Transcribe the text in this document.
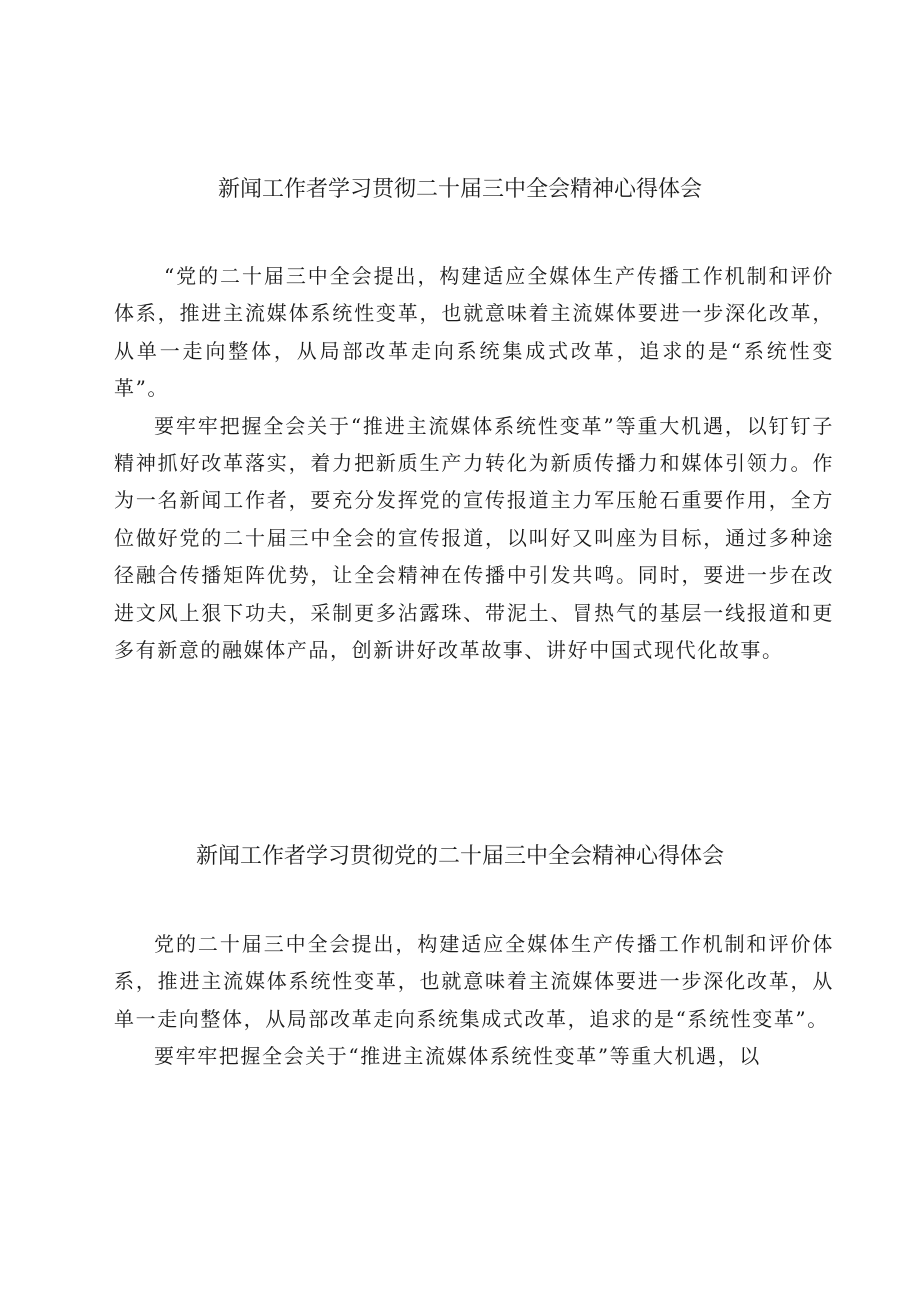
新闻工作者学习贯彻二十届三中全会精神心得体会

“党的二十届三中全会提出，构建适应全媒体生产传播工作机制和评价体系，推进主流媒体系统性变革，也就意味着主流媒体要进一步深化改革，从单一走向整体，从局部改革走向系统集成式改革，追求的是“系统性变革”。

要牢牢把握全会关于“推进主流媒体系统性变革”等重大机遇，以钉钉子精神抓好改革落实，着力把新质生产力转化为新质传播力和媒体引领力。作为一名新闻工作者，要充分发挥党的宣传报道主力军压舱石重要作用，全方位做好党的二十届三中全会的宣传报道，以叫好又叫座为目标，通过多种途径融合传播矩阵优势，让全会精神在传播中引发共鸣。同时，要进一步在改进文风上狠下功夫，采制更多沾露珠、带泥土、冒热气的基层一线报道和更多有新意的融媒体产品，创新讲好改革故事、讲好中国式现代化故事。

新闻工作者学习贯彻党的二十届三中全会精神心得体会

党的二十届三中全会提出，构建适应全媒体生产传播工作机制和评价体系，推进主流媒体系统性变革，也就意味着主流媒体要进一步深化改革，从单一走向整体，从局部改革走向系统集成式改革，追求的是“系统性变革”。

要牢牢把握全会关于“推进主流媒体系统性变革”等重大机遇，以
